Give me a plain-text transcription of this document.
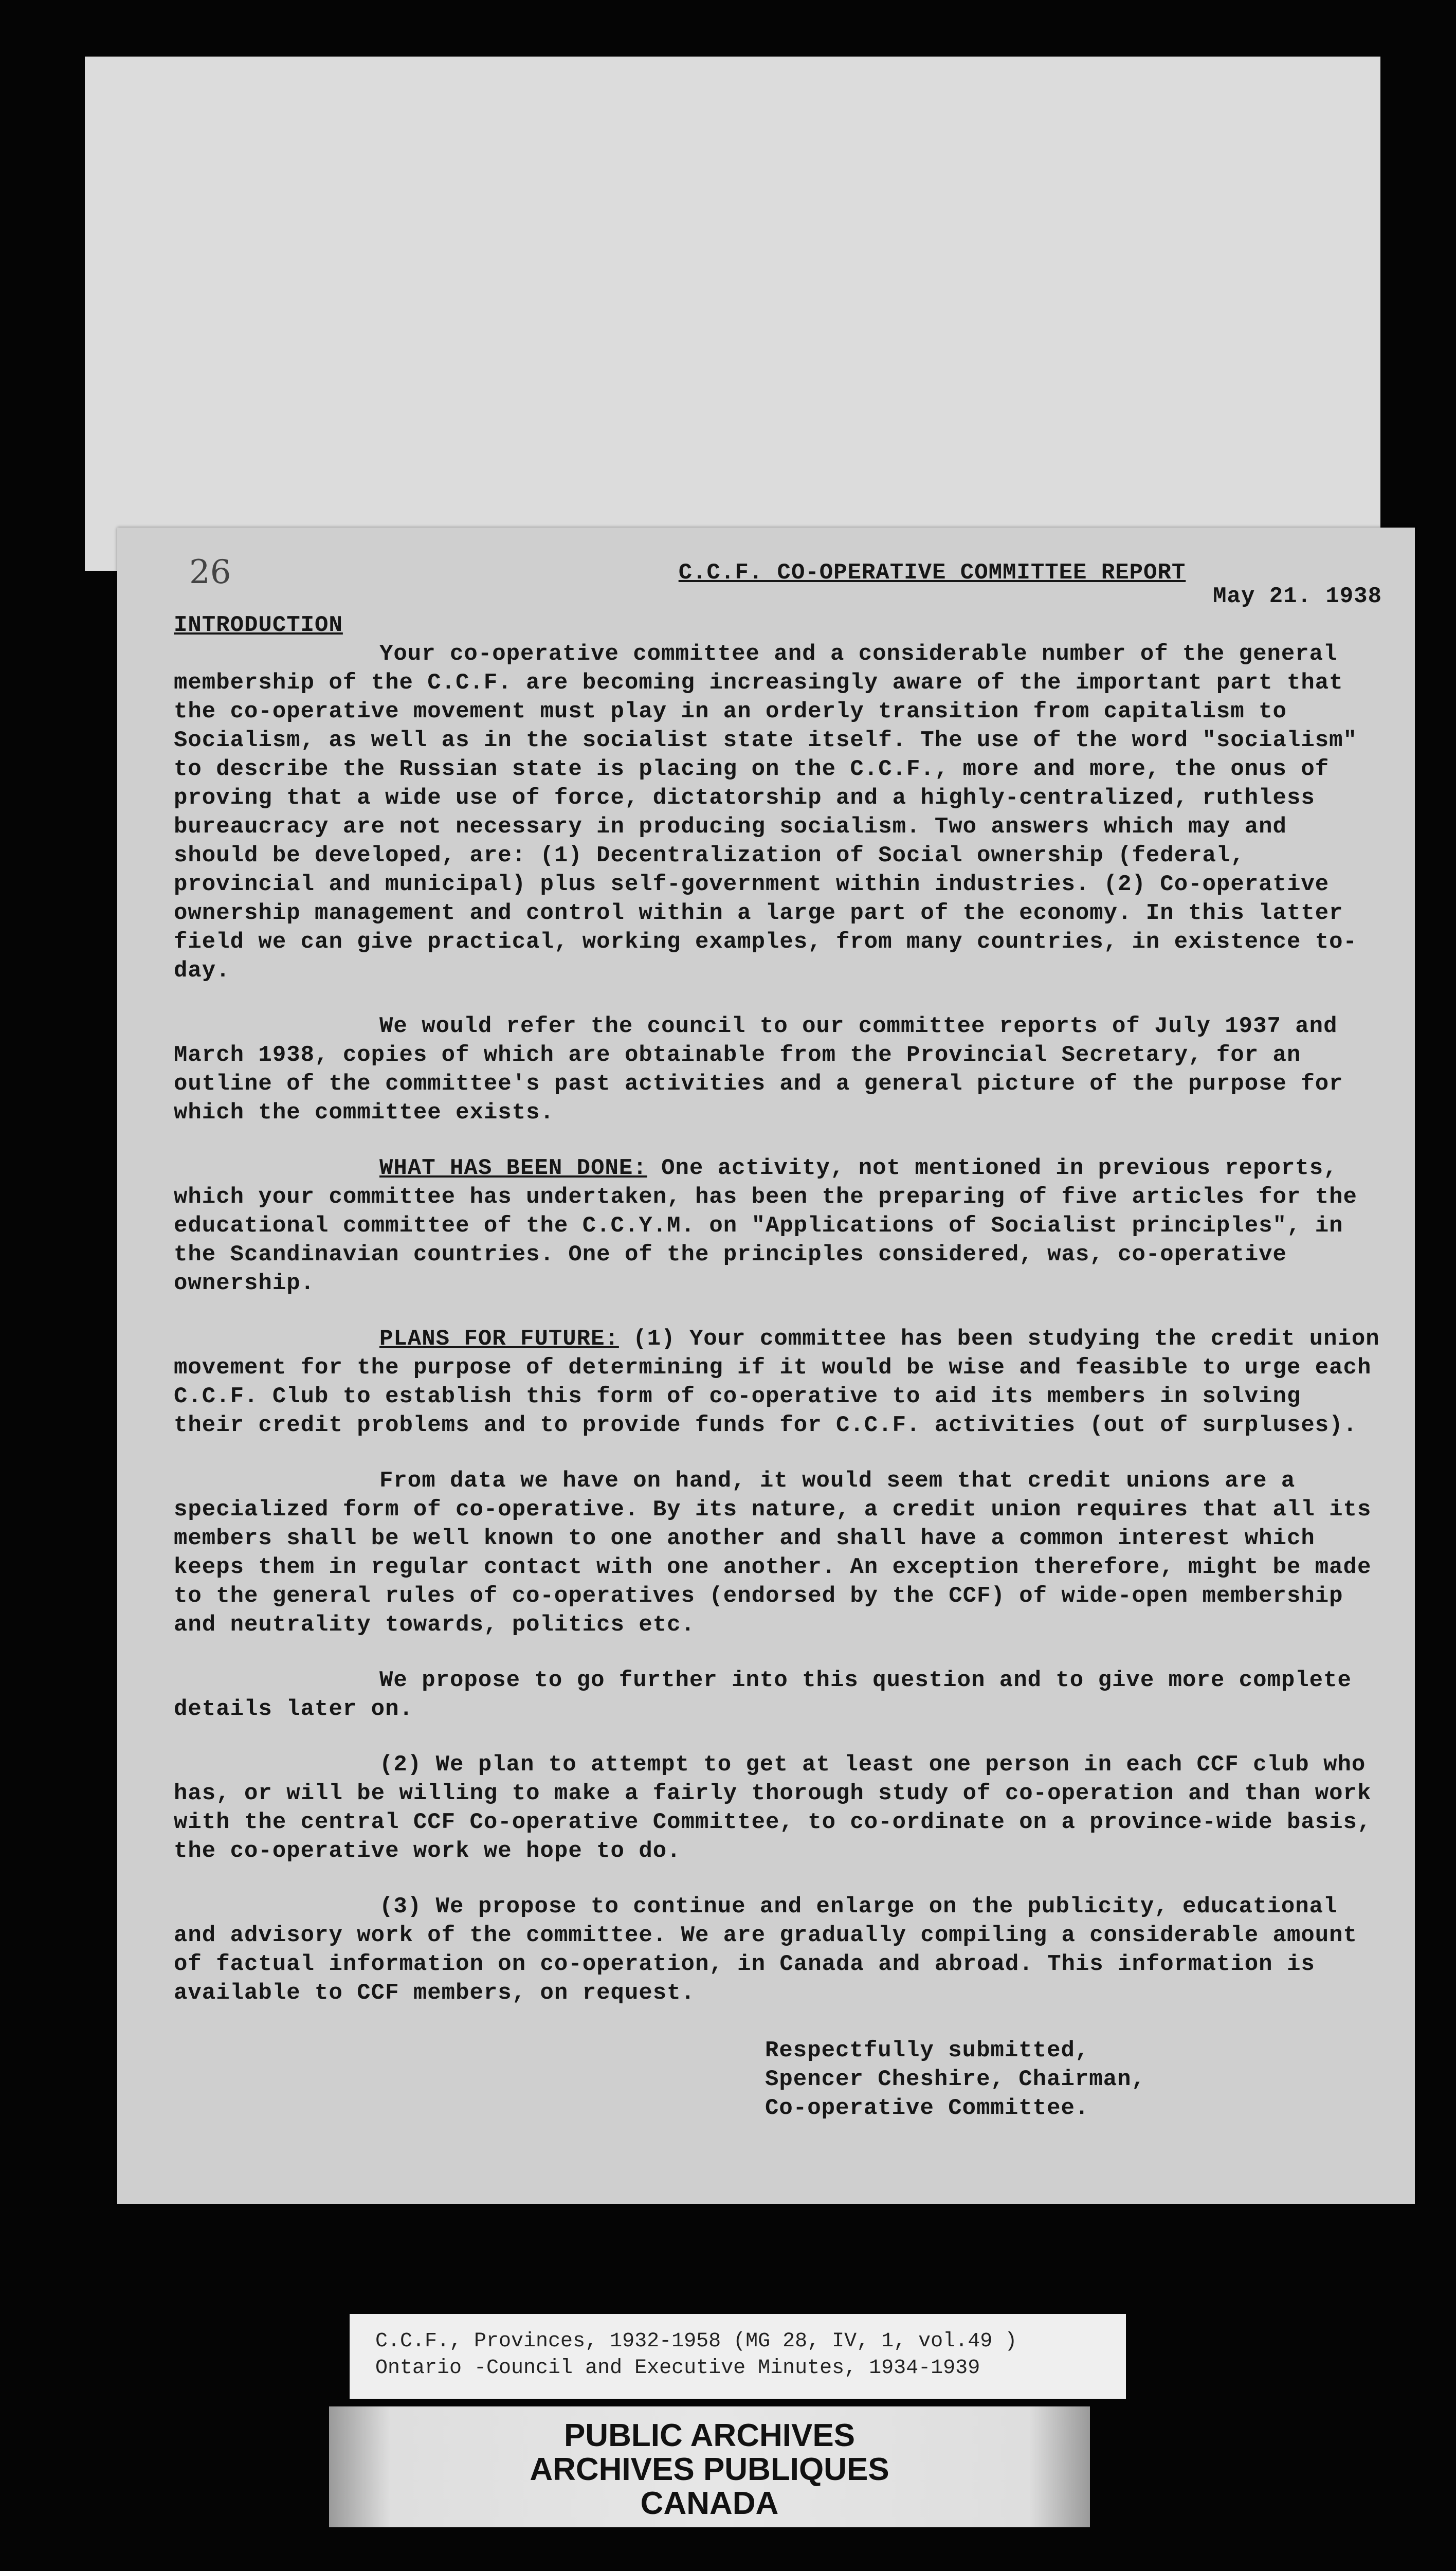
26	C.C.F. CO-OPERATIVE COMMITTEE REPORT
May 21. 1938
INTRODUCTION

Your co-operative committee and a considerable number of the general membership of the C.C.F. are becoming increasingly aware of the important part that the co-operative movement must play in an orderly transition from capitalism to Socialism, as well as in the socialist state itself. The use of the word "socialism" to describe the Russian state is placing on the C.C.F., more and more, the onus of proving that a wide use of force, dictatorship and a highly-centralized, ruthless bureaucracy are not necessary in producing socialism. Two answers which may and should be developed, are: (1) Decentralization of Social ownership (federal, provincial and municipal) plus self-government within industries. (2) Co-operative ownership management and control within a large part of the economy. In this latter field we can give practical, working examples, from many countries, in existence to-day.

We would refer the council to our committee reports of July 1937 and March 1938, copies of which are obtainable from the Provincial Secretary, for an outline of the committee's past activities and a general picture of the purpose for which the committee exists.

WHAT HAS BEEN DONE: One activity, not mentioned in previous reports, which your committee has undertaken, has been the preparing of five articles for the educational committee of the C.C.Y.M. on "Applications of Socialist principles", in the Scandinavian countries. One of the principles considered, was, co-operative ownership.

PLANS FOR FUTURE: (1) Your committee has been studying the credit union movement for the purpose of determining if it would be wise and feasible to urge each C.C.F. Club to establish this form of co-operative to aid its members in solving their credit problems and to provide funds for C.C.F. activities (out of surpluses).

From data we have on hand, it would seem that credit unions are a specialized form of co-operative. By its nature, a credit union requires that all its members shall be well known to one another and shall have a common interest which keeps them in regular contact with one another. An exception therefore, might be made to the general rules of co-operatives (endorsed by the CCF) of wide-open membership and neutrality towards, politics etc.

We propose to go further into this question and to give more complete details later on.

(2) We plan to attempt to get at least one person in each CCF club who has, or will be willing to make a fairly thorough study of co-operation and than work with the central CCF Co-operative Committee, to co-ordinate on a province-wide basis, the co-operative work we hope to do.

(3) We propose to continue and enlarge on the publicity, educational and advisory work of the committee. We are gradually compiling a considerable amount of factual information on co-operation, in Canada and abroad. This information is available to CCF members, on request.

Respectfully submitted,
Spencer Cheshire, Chairman,
Co-operative Committee.
C.C.F., Provinces, 1932-1958 (MG 28, IV, 1, vol.49 )
Ontario -Council and Executive Minutes, 1934-1939
PUBLIC ARCHIVES
ARCHIVES PUBLIQUES
CANADA
